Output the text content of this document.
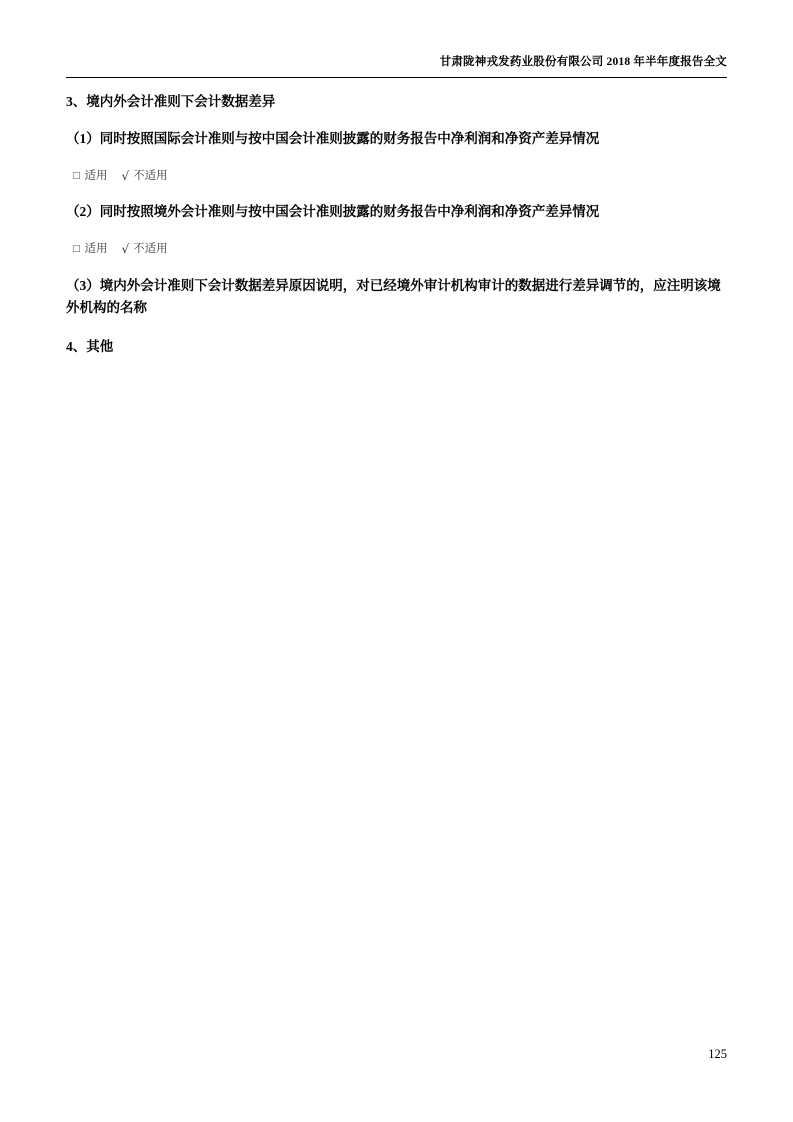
甘肃陇神戎发药业股份有限公司 2018 年半年度报告全文

3、境内外会计准则下会计数据差异

（1）同时按照国际会计准则与按中国会计准则披露的财务报告中净利润和净资产差异情况

□ 适用 √ 不适用

（2）同时按照境外会计准则与按中国会计准则披露的财务报告中净利润和净资产差异情况

□ 适用 √ 不适用

（3）境内外会计准则下会计数据差异原因说明，对已经境外审计机构审计的数据进行差异调节的，应注明该境外机构的名称

4、其他

125
